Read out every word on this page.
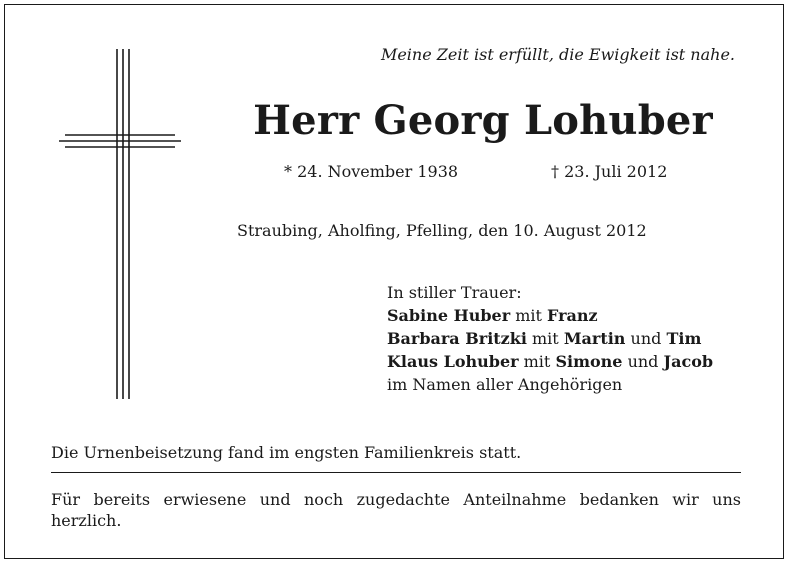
Meine Zeit ist erfüllt, die Ewigkeit ist nahe.
Herr Georg Lohuber
* 24. November 1938	† 23. Juli 2012
Straubing, Aholfing, Pfelling, den 10. August 2012
In stiller Trauer:
Sabine Huber mit Franz
Barbara Britzki mit Martin und Tim
Klaus Lohuber mit Simone und Jacob
im Namen aller Angehörigen
Die Urnenbeisetzung fand im engsten Familienkreis statt.
Für bereits erwiesene und noch zugedachte Anteilnahme bedanken wir uns herzlich.
